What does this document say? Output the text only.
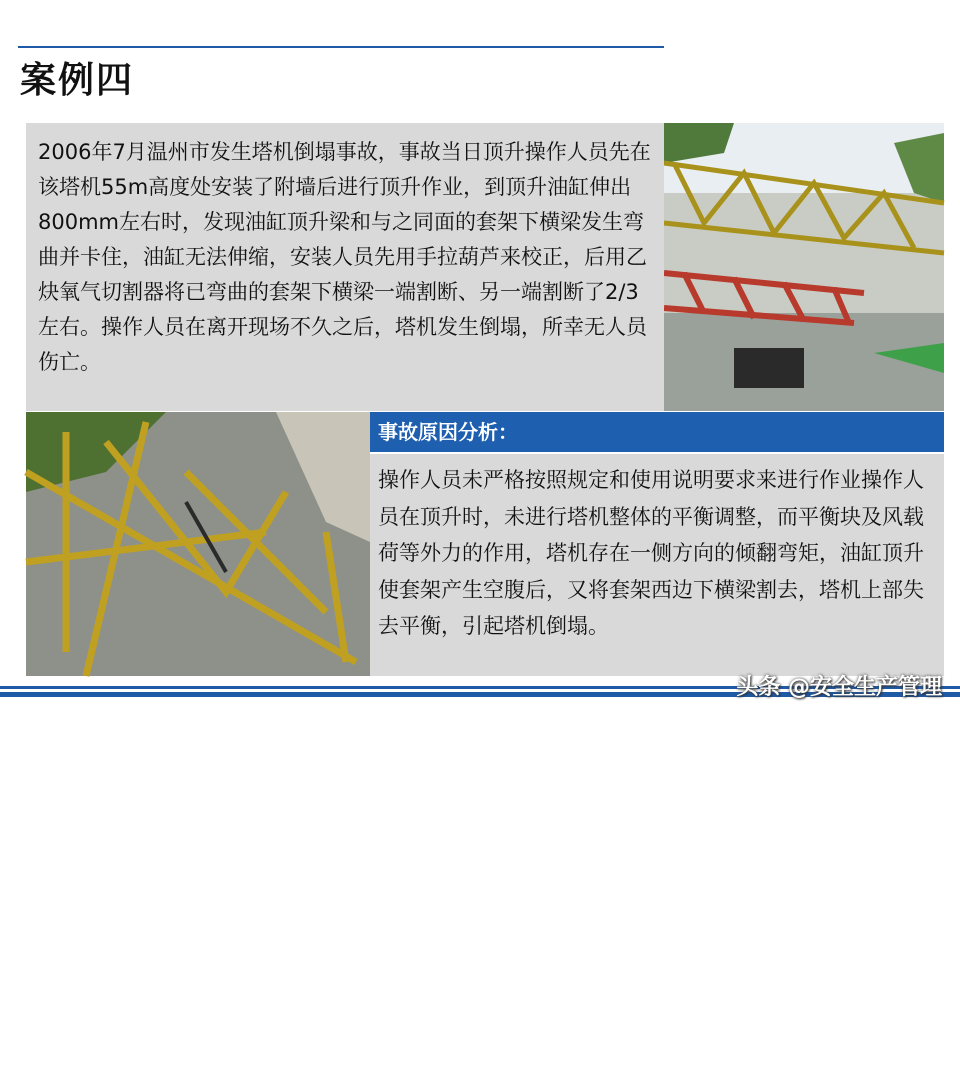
案例四

2006年7月温州市发生塔机倒塌事故，事故当日顶升操作人员先在该塔机55m高度处安装了附墙后进行顶升作业，到顶升油缸伸出800mm左右时，发现油缸顶升梁和与之同面的套架下横梁发生弯曲并卡住，油缸无法伸缩，安装人员先用手拉葫芦来校正，后用乙炔氧气切割器将已弯曲的套架下横梁一端割断、另一端割断了2/3左右。操作人员在离开现场不久之后，塔机发生倒塌，所幸无人员伤亡。

⑬
事故原因分析：

操作人员未严格按照规定和使用说明要求来进行作业操作人员在顶升时，未进行塔机整体的平衡调整，而平衡块及风载荷等外力的作用，塔机存在一侧方向的倾翻弯矩，油缸顶升使套架产生空腹后，又将套架西边下横梁割去，塔机上部失去平衡，引起塔机倒塌。

头条 @安全生产管理
